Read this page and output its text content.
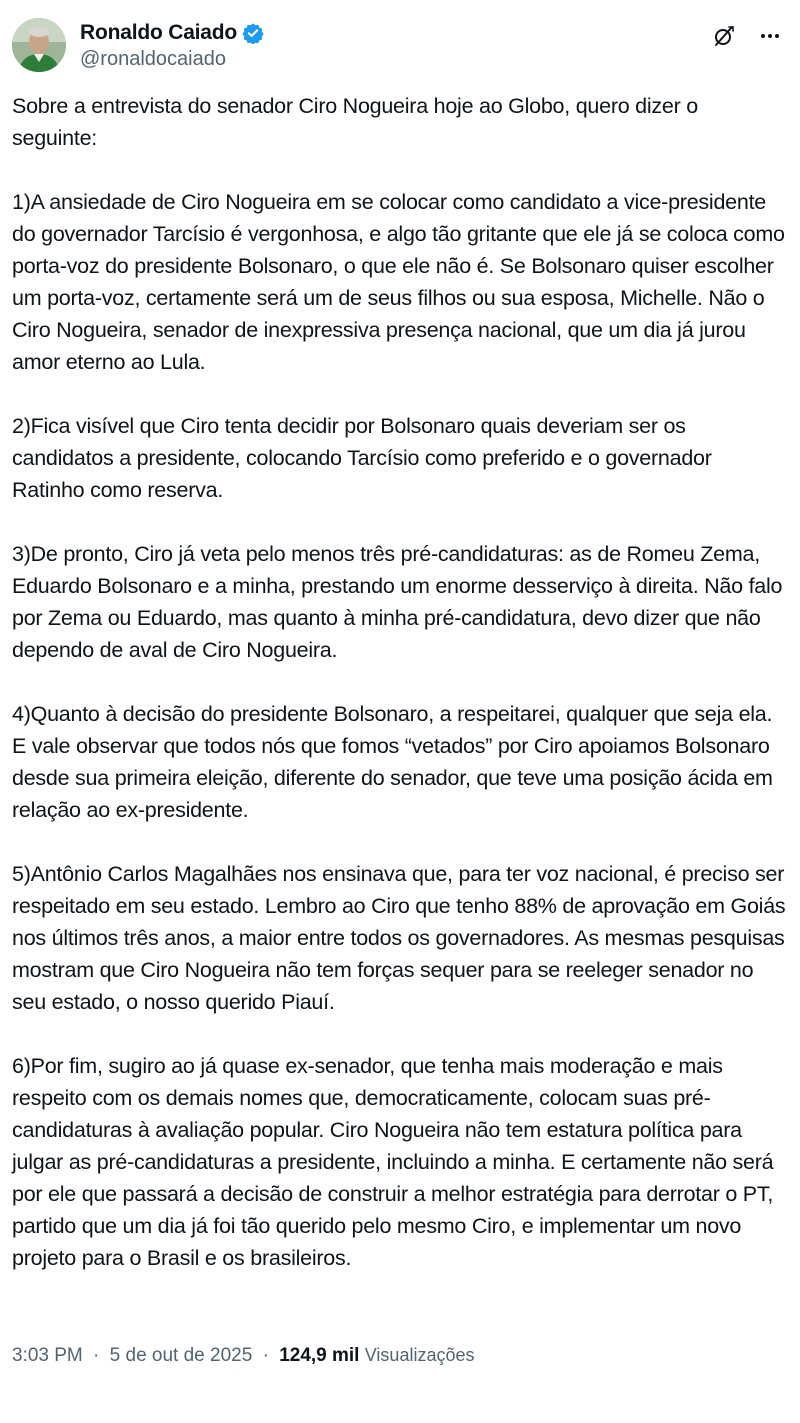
Ronaldo Caiado
@ronaldocaiado

Sobre a entrevista do senador Ciro Nogueira hoje ao Globo, quero dizer o seguinte:

1)A ansiedade de Ciro Nogueira em se colocar como candidato a vice-presidente do governador Tarcísio é vergonhosa, e algo tão gritante que ele já se coloca como porta-voz do presidente Bolsonaro, o que ele não é. Se Bolsonaro quiser escolher um porta-voz, certamente será um de seus filhos ou sua esposa, Michelle. Não o Ciro Nogueira, senador de inexpressiva presença nacional, que um dia já jurou amor eterno ao Lula.

2)Fica visível que Ciro tenta decidir por Bolsonaro quais deveriam ser os candidatos a presidente, colocando Tarcísio como preferido e o governador Ratinho como reserva.

3)De pronto, Ciro já veta pelo menos três pré-candidaturas: as de Romeu Zema, Eduardo Bolsonaro e a minha, prestando um enorme desserviço à direita. Não falo por Zema ou Eduardo, mas quanto à minha pré-candidatura, devo dizer que não dependo de aval de Ciro Nogueira.

4)Quanto à decisão do presidente Bolsonaro, a respeitarei, qualquer que seja ela. E vale observar que todos nós que fomos “vetados” por Ciro apoiamos Bolsonaro desde sua primeira eleição, diferente do senador, que teve uma posição ácida em relação ao ex-presidente.

5)Antônio Carlos Magalhães nos ensinava que, para ter voz nacional, é preciso ser respeitado em seu estado. Lembro ao Ciro que tenho 88% de aprovação em Goiás nos últimos três anos, a maior entre todos os governadores. As mesmas pesquisas mostram que Ciro Nogueira não tem forças sequer para se reeleger senador no seu estado, o nosso querido Piauí.

6)Por fim, sugiro ao já quase ex-senador, que tenha mais moderação e mais respeito com os demais nomes que, democraticamente, colocam suas pré-candidaturas à avaliação popular. Ciro Nogueira não tem estatura política para julgar as pré-candidaturas a presidente, incluindo a minha. E certamente não será por ele que passará a decisão de construir a melhor estratégia para derrotar o PT, partido que um dia já foi tão querido pelo mesmo Ciro, e implementar um novo projeto para o Brasil e os brasileiros.

3:03 PM · 5 de out de 2025 · 124,9 mil Visualizações
